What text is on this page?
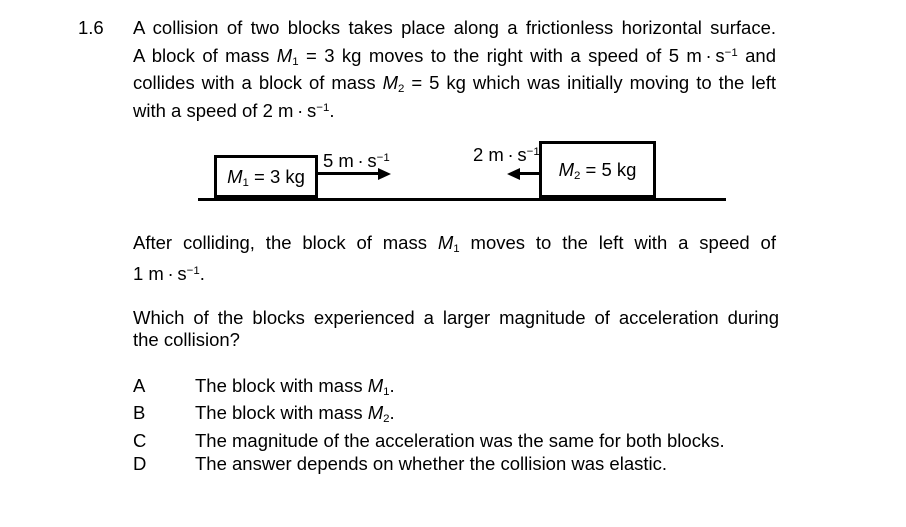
1.6 A collision of two blocks takes place along a frictionless horizontal surface.
A block of mass $M_1 = 3$ kg moves to the right with a speed of 5 $m \cdot s^{-1}$ and
collides with a block of mass $M_2 = 5$ kg which was initially moving to the left
with a speed of 2 $m \cdot s^{-1}$.
$M_1 = 3$ kg
5 $m \cdot s^{-1}$
$M_2 = 5$ kg
2 $m \cdot s^{-1}$
After colliding, the block of mass $M_1$ moves to the left with a speed of
1 $m \cdot s^{-1}$.
Which of the blocks experienced a larger magnitude of acceleration during
the collision?
A	The block with mass $M_1$.
B	The block with mass $M_2$.
C	The magnitude of the acceleration was the same for both blocks.
D	The answer depends on whether the collision was elastic.
